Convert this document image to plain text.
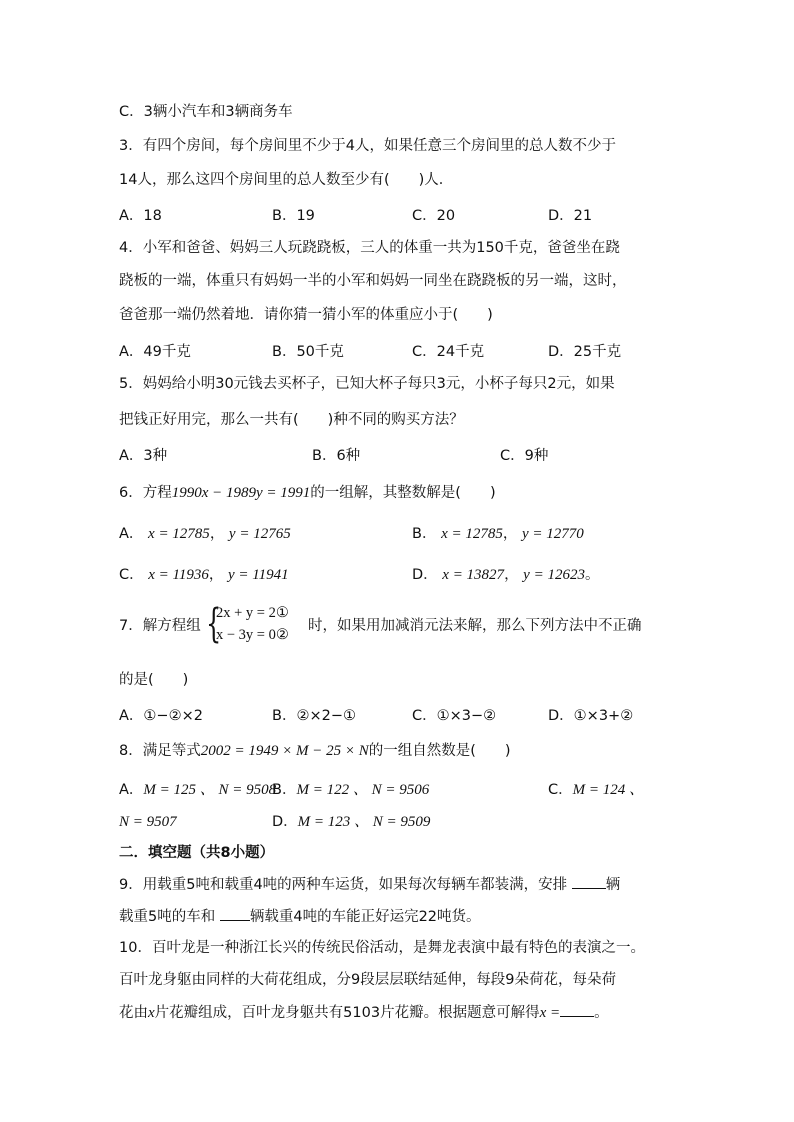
C．3辆小汽车和3辆商务车
3．有四个房间，每个房间里不少于4人，如果任意三个房间里的总人数不少于
14人，那么这四个房间里的总人数至少有(　　)人．
A．18	B．19	C．20	D．21
4．小军和爸爸、妈妈三人玩跷跷板，三人的体重一共为150千克，爸爸坐在跷
跷板的一端，体重只有妈妈一半的小军和妈妈一同坐在跷跷板的另一端，这时，
爸爸那一端仍然着地．请你猜一猜小军的体重应小于(　　)
A．49千克	B．50千克	C．24千克	D．25千克
5．妈妈给小明30元钱去买杯子，已知大杯子每只3元，小杯子每只2元，如果
把钱正好用完，那么一共有(　　)种不同的购买方法？
A．3种	B．6种	C．9种
6．方程1990x − 1989y = 1991的一组解，其整数解是(　　)
A． x = 12785， y = 12765	B． x = 12785， y = 12770
C． x = 11936， y = 11941	D． x = 13827， y = 12623。
7．解方程组 {
2x + y = 2①
x − 3y = 0②
时，如果用加减消元法来解，那么下列方法中不正确
的是(　　)
A．①−②×2	B．②×2−①	C．①×3−②	D．①×3+②
8．满足等式2002 = 1949 × M − 25 × N的一组自然数是(　　)
A．M = 125 、 N = 9508
B．M = 122 、 N = 9506	C．M = 124 、
N = 9507	D．M = 123 、 N = 9509
二．填空题（共8小题）
9．用载重5吨和载重4吨的两种车运货，如果每次每辆车都装满，安排	辆
载重5吨的车和 辆载重4吨的车能正好运完22吨货。
10．百叶龙是一种浙江长兴的传统民俗活动，是舞龙表演中最有特色的表演之一。
百叶龙身躯由同样的大荷花组成，分9段层层联结延伸，每段9朵荷花，每朵荷
花由x片花瓣组成，百叶龙身躯共有5103片花瓣。根据题意可解得x = 。
